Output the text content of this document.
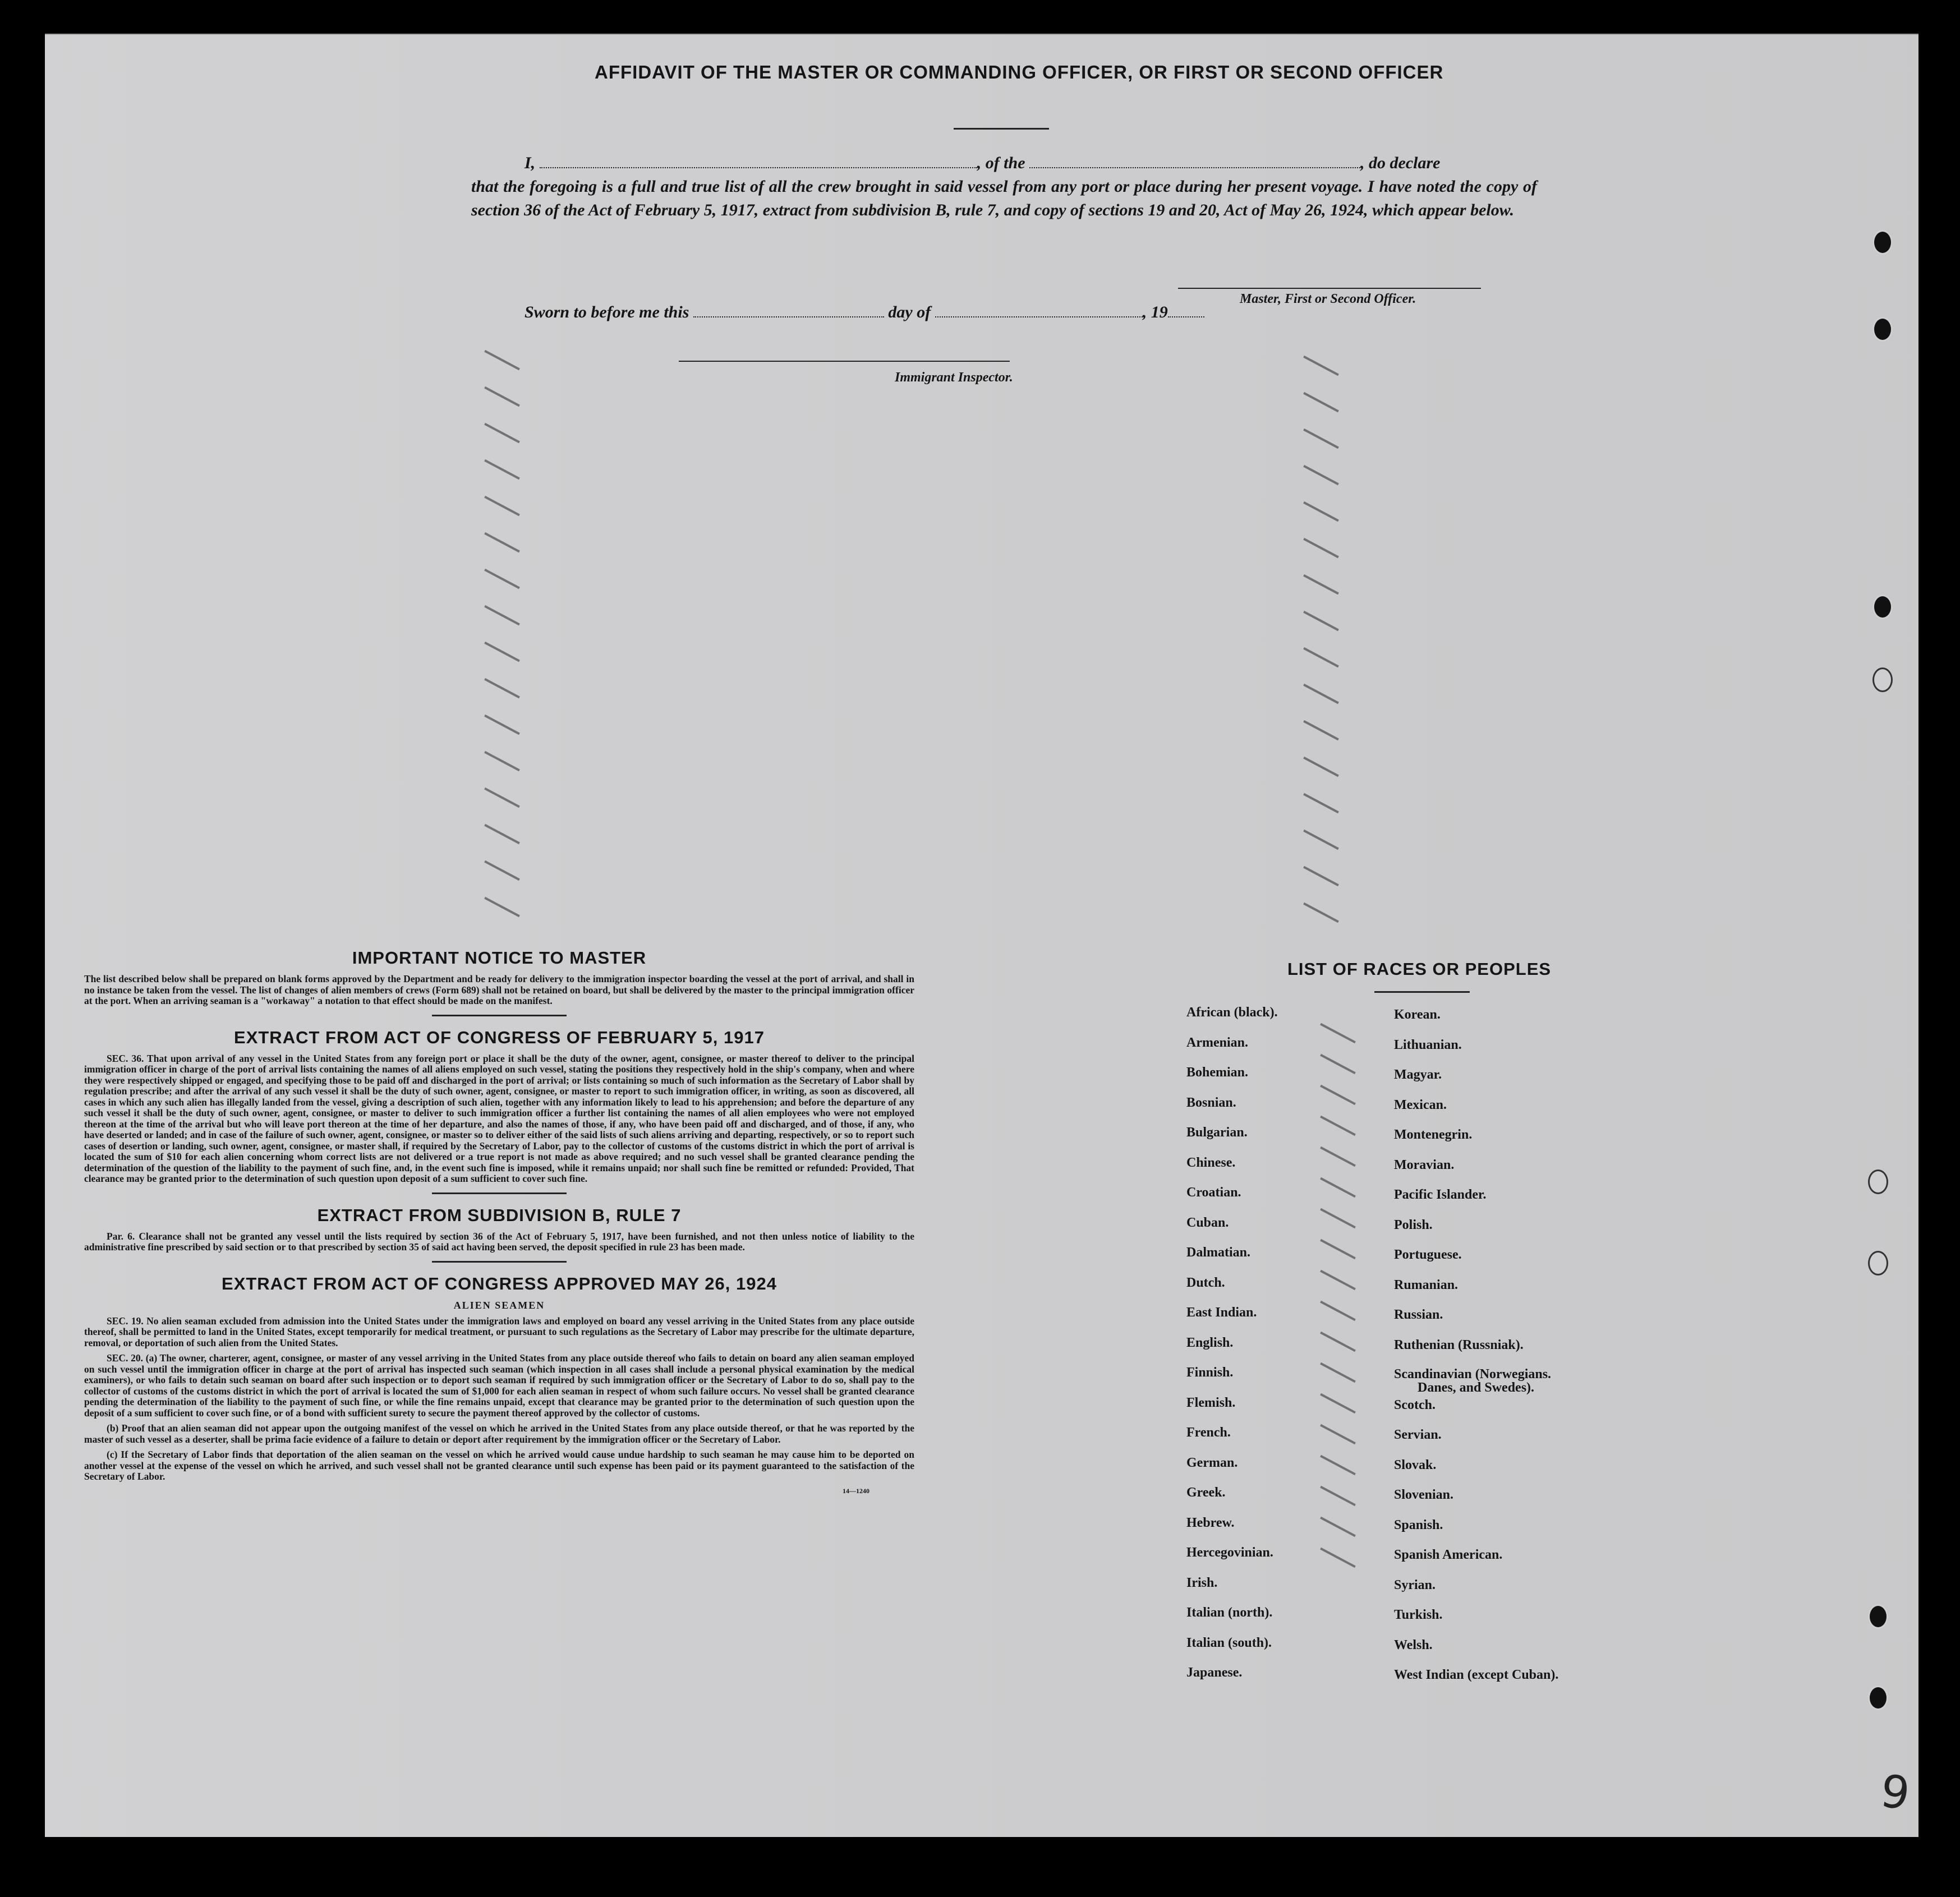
AFFIDAVIT OF THE MASTER OR COMMANDING OFFICER, OR FIRST OR SECOND OFFICER
I,	, of the	, do declare
that the foregoing is a full and true list of all the crew brought in said vessel from any port or place during her present voyage. I have noted the copy of section 36 of the Act of February 5, 1917, extract from subdivision B, rule 7, and copy of sections 19 and 20, Act of May 26, 1924, which appear below.
Master, First or Second Officer.
Sworn to before me this	day of	, 19
Immigrant Inspector.
IMPORTANT NOTICE TO MASTER

The list described below shall be prepared on blank forms approved by the Department and be ready for delivery to the immigration inspector boarding the vessel at the port of arrival, and shall in no instance be taken from the vessel. The list of changes of alien members of crews (Form 689) shall not be retained on board, but shall be delivered by the master to the principal immigration officer at the port. When an arriving seaman is a "workaway" a notation to that effect should be made on the manifest.

EXTRACT FROM ACT OF CONGRESS OF FEBRUARY 5, 1917

SEC. 36. That upon arrival of any vessel in the United States from any foreign port or place it shall be the duty of the owner, agent, consignee, or master thereof to deliver to the principal immigration officer in charge of the port of arrival lists containing the names of all aliens employed on such vessel, stating the positions they respectively hold in the ship's company, when and where they were respectively shipped or engaged, and specifying those to be paid off and discharged in the port of arrival; or lists containing so much of such information as the Secretary of Labor shall by regulation prescribe; and after the arrival of any such vessel it shall be the duty of such owner, agent, consignee, or master to report to such immigration officer, in writing, as soon as discovered, all cases in which any such alien has illegally landed from the vessel, giving a description of such alien, together with any information likely to lead to his apprehension; and before the departure of any such vessel it shall be the duty of such owner, agent, consignee, or master to deliver to such immigration officer a further list containing the names of all alien employees who were not employed thereon at the time of the arrival but who will leave port thereon at the time of her departure, and also the names of those, if any, who have been paid off and discharged, and of those, if any, who have deserted or landed; and in case of the failure of such owner, agent, consignee, or master so to deliver either of the said lists of such aliens arriving and departing, respectively, or so to report such cases of desertion or landing, such owner, agent, consignee, or master shall, if required by the Secretary of Labor, pay to the collector of customs of the customs district in which the port of arrival is located the sum of $10 for each alien concerning whom correct lists are not delivered or a true report is not made as above required; and no such vessel shall be granted clearance pending the determination of the question of the liability to the payment of such fine, and, in the event such fine is imposed, while it remains unpaid; nor shall such fine be remitted or refunded: Provided, That clearance may be granted prior to the determination of such question upon deposit of a sum sufficient to cover such fine.

EXTRACT FROM SUBDIVISION B, RULE 7

Par. 6. Clearance shall not be granted any vessel until the lists required by section 36 of the Act of February 5, 1917, have been furnished, and not then unless notice of liability to the administrative fine prescribed by said section or to that prescribed by section 35 of said act having been served, the deposit specified in rule 23 has been made.

EXTRACT FROM ACT OF CONGRESS APPROVED MAY 26, 1924
ALIEN SEAMEN

SEC. 19. No alien seaman excluded from admission into the United States under the immigration laws and employed on board any vessel arriving in the United States from any place outside thereof, shall be permitted to land in the United States, except temporarily for medical treatment, or pursuant to such regulations as the Secretary of Labor may prescribe for the ultimate departure, removal, or deportation of such alien from the United States.

SEC. 20. (a) The owner, charterer, agent, consignee, or master of any vessel arriving in the United States from any place outside thereof who fails to detain on board any alien seaman employed on such vessel until the immigration officer in charge at the port of arrival has inspected such seaman (which inspection in all cases shall include a personal physical examination by the medical examiners), or who fails to detain such seaman on board after such inspection or to deport such seaman if required by such immigration officer or the Secretary of Labor to do so, shall pay to the collector of customs of the customs district in which the port of arrival is located the sum of $1,000 for each alien seaman in respect of whom such failure occurs. No vessel shall be granted clearance pending the determination of the liability to the payment of such fine, or while the fine remains unpaid, except that clearance may be granted prior to the determination of such question upon the deposit of a sum sufficient to cover such fine, or of a bond with sufficient surety to secure the payment thereof approved by the collector of customs.

(b) Proof that an alien seaman did not appear upon the outgoing manifest of the vessel on which he arrived in the United States from any place outside thereof, or that he was reported by the master of such vessel as a deserter, shall be prima facie evidence of a failure to detain or deport after requirement by the immigration officer or the Secretary of Labor.

(c) If the Secretary of Labor finds that deportation of the alien seaman on the vessel on which he arrived would cause undue hardship to such seaman he may cause him to be deported on another vessel at the expense of the vessel on which he arrived, and such vessel shall not be granted clearance until such expense has been paid or its payment guaranteed to the satisfaction of the Secretary of Labor.

14—1240
LIST OF RACES OR PEOPLES
African (black).
Armenian.
Bohemian.
Bosnian.
Bulgarian.
Chinese.
Croatian.
Cuban.
Dalmatian.
Dutch.
East Indian.
English.
Finnish.
Flemish.
French.
German.
Greek.
Hebrew.
Hercegovinian.
Irish.
Italian (north).
Italian (south).
Japanese.
Korean.
Lithuanian.
Magyar.
Mexican.
Montenegrin.
Moravian.
Pacific Islander.
Polish.
Portuguese.
Rumanian.
Russian.
Ruthenian (Russniak).
Scandinavian (Norwegians.
Danes, and Swedes).
Scotch.
Servian.
Slovak.
Slovenian.
Spanish.
Spanish American.
Syrian.
Turkish.
Welsh.
West Indian (except Cuban).
9
